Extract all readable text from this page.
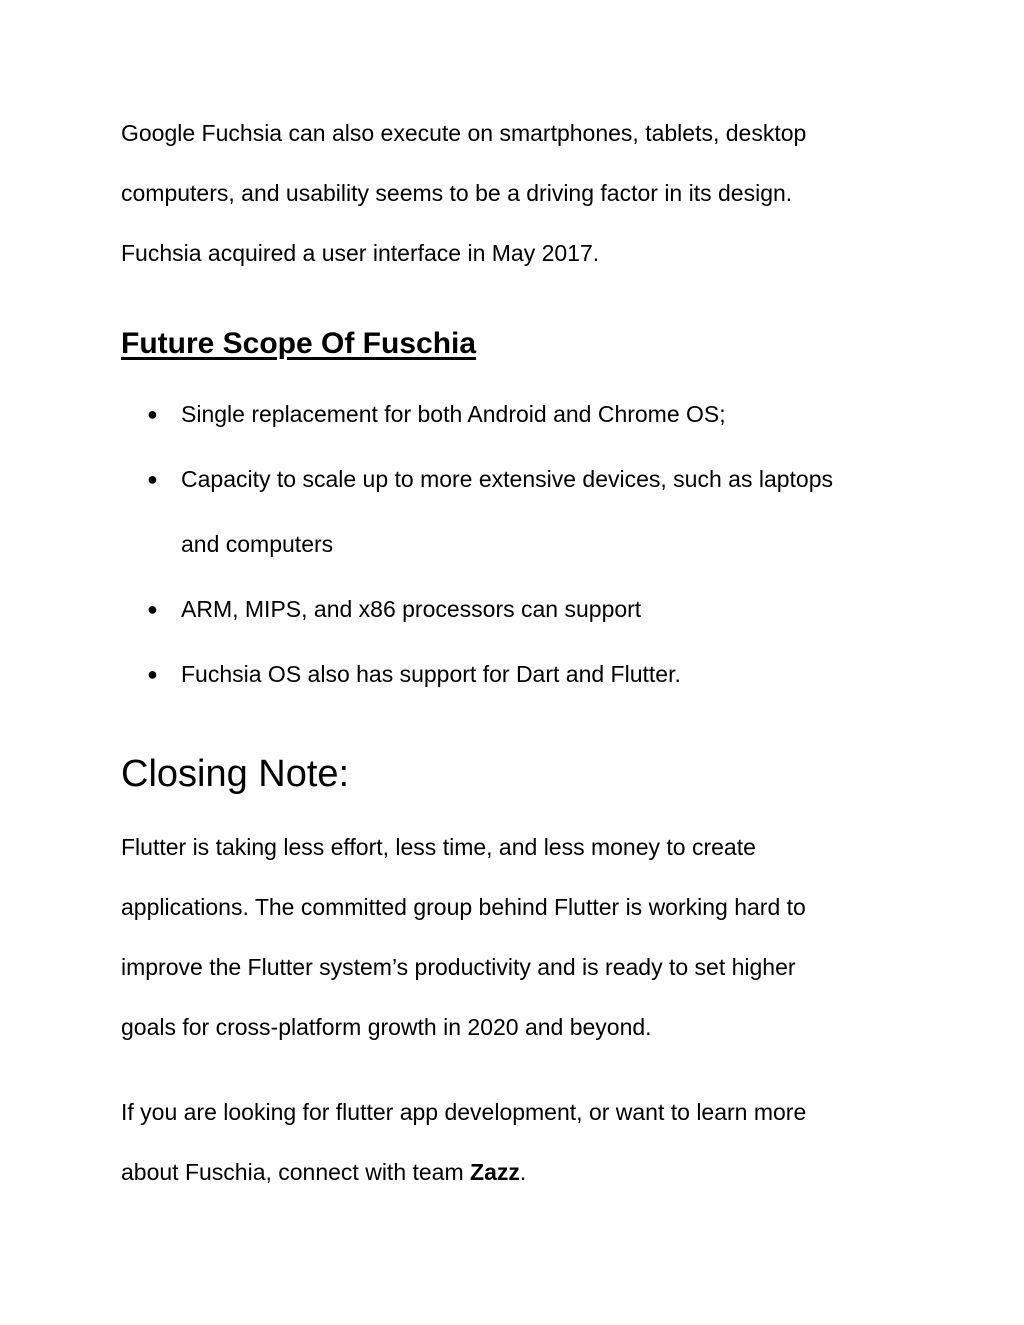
Google Fuchsia can also execute on smartphones, tablets, desktop
computers, and usability seems to be a driving factor in its design.
Fuchsia acquired a user interface in May 2017.
Future Scope Of Fuschia
● Single replacement for both Android and Chrome OS;
● Capacity to scale up to more extensive devices, such as laptops
and computers
● ARM, MIPS, and x86 processors can support
● Fuchsia OS also has support for Dart and Flutter.
Closing Note:
Flutter is taking less effort, less time, and less money to create
applications. The committed group behind Flutter is working hard to
improve the Flutter system’s productivity and is ready to set higher
goals for cross-platform growth in 2020 and beyond.
If you are looking for flutter app development, or want to learn more
about Fuschia, connect with team Zazz.
